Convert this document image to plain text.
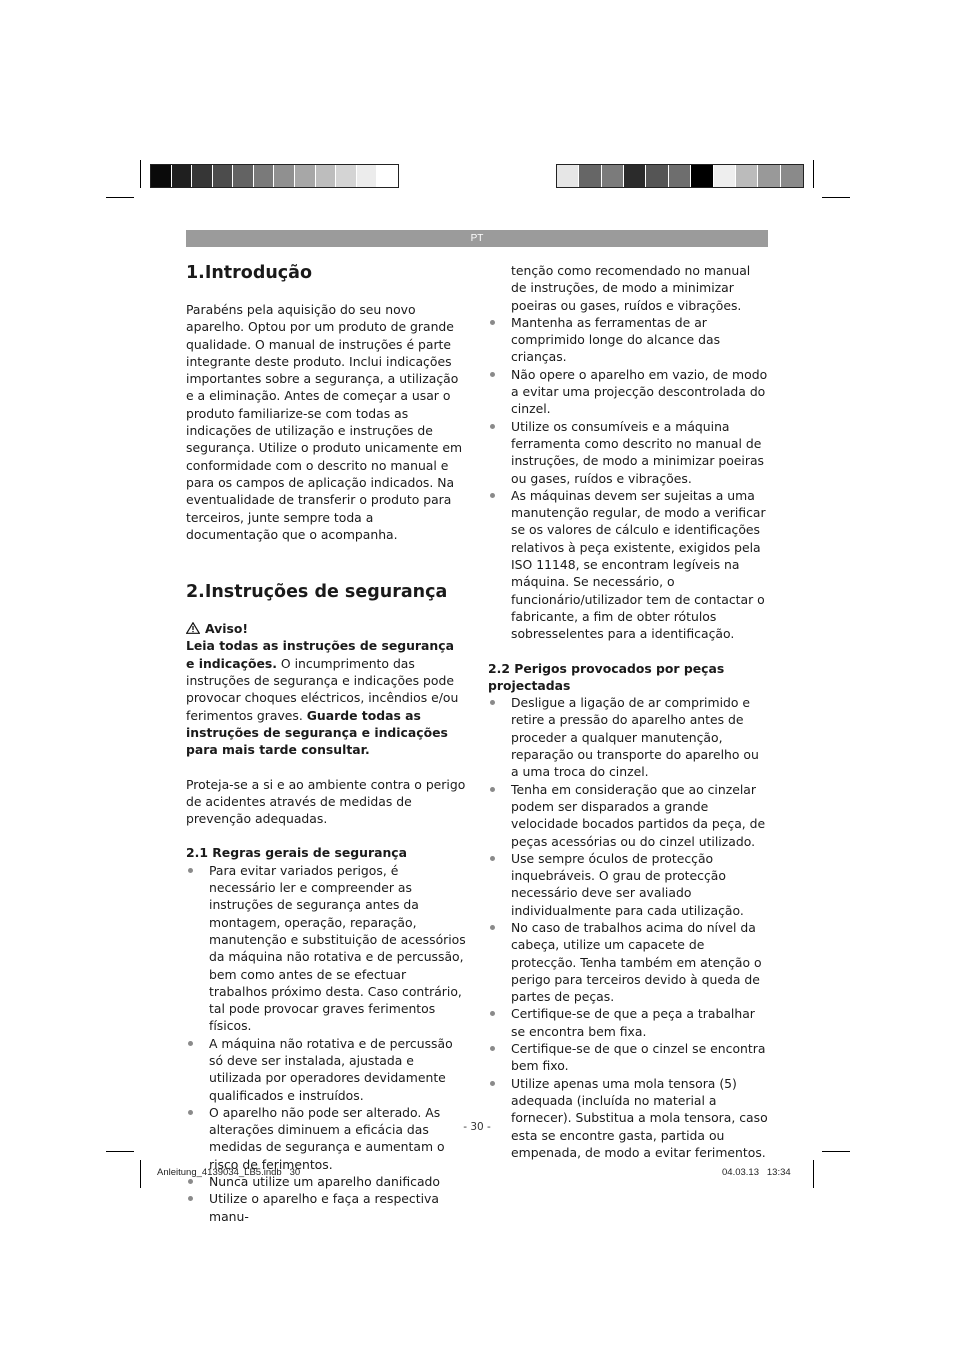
PT
1.Introdução

Parabéns pela aquisição do seu novo aparelho. Optou por um produto de grande qualidade. O manual de instruções é parte integrante deste produto. Inclui indicações importantes sobre a segurança, a utilização e a eliminação. Antes de começar a usar o produto familiarize-se com todas as indicações de utilização e instruções de segurança. Utilize o produto unicamente em conformidade com o descrito no manual e para os campos de aplicação indicados. Na eventualidade de transferir o produto para terceiros, junte sempre toda a documentação que o acompanha.

2.Instruções de segurança

Aviso!

Leia todas as instruções de segurança e indicações. O incumprimento das instruções de segurança e indicações pode provocar choques eléctricos, incêndios e/ou ferimentos graves. Guarde todas as instruções de segurança e indicações para mais tarde consultar.

Proteja-se a si e ao ambiente contra o perigo de acidentes através de medidas de prevenção adequadas.

2.1 Regras gerais de segurança

Para evitar variados perigos, é necessário ler e compreender as instruções de segurança antes da montagem, operação, reparação, manutenção e substituição de acessórios da máquina não rotativa e de percussão, bem como antes de se efectuar trabalhos próximo desta. Caso contrário, tal pode provocar graves ferimentos físicos.
A máquina não rotativa e de percussão só deve ser instalada, ajustada e utilizada por operadores devidamente qualificados e instruídos.
O aparelho não pode ser alterado. As alterações diminuem a eficácia das medidas de segurança e aumentam o risco de ferimentos.
Nunca utilize um aparelho danificado
Utilize o aparelho e faça a respectiva manu-
tenção como recomendado no manual de instruções, de modo a minimizar poeiras ou gases, ruídos e vibrações.
Mantenha as ferramentas de ar comprimido longe do alcance das crianças.
Não opere o aparelho em vazio, de modo a evitar uma projecção descontrolada do cinzel.
Utilize os consumíveis e a máquina ferramenta como descrito no manual de instruções, de modo a minimizar poeiras ou gases, ruídos e vibrações.
As máquinas devem ser sujeitas a uma manutenção regular, de modo a verificar se os valores de cálculo e identificações relativos à peça existente, exigidos pela ISO 11148, se encontram legíveis na máquina. Se necessário, o funcionário/utilizador tem de contactar o fabricante, a fim de obter rótulos sobresselentes para a identificação.

2.2 Perigos provocados por peças projectadas

Desligue a ligação de ar comprimido e retire a pressão do aparelho antes de proceder a qualquer manutenção, reparação ou transporte do aparelho ou a uma troca do cinzel.
Tenha em consideração que ao cinzelar podem ser disparados a grande velocidade bocados partidos da peça, de peças acessórias ou do cinzel utilizado.
Use sempre óculos de protecção inquebráveis. O grau de protecção necessário deve ser avaliado individualmente para cada utilização.
No caso de trabalhos acima do nível da cabeça, utilize um capacete de protecção. Tenha também em atenção o perigo para terceiros devido à queda de partes de peças.
Certifique-se de que a peça a trabalhar se encontra bem fixa.
Certifique-se de que o cinzel se encontra bem fixo.
Utilize apenas uma mola tensora (5) adequada (incluída no material a fornecer). Substitua a mola tensora, caso esta se encontre gasta, partida ou empenada, de modo a evitar ferimentos.
- 30 -
Anleitung_4139034_LB5.indb   30	04.03.13   13:34
